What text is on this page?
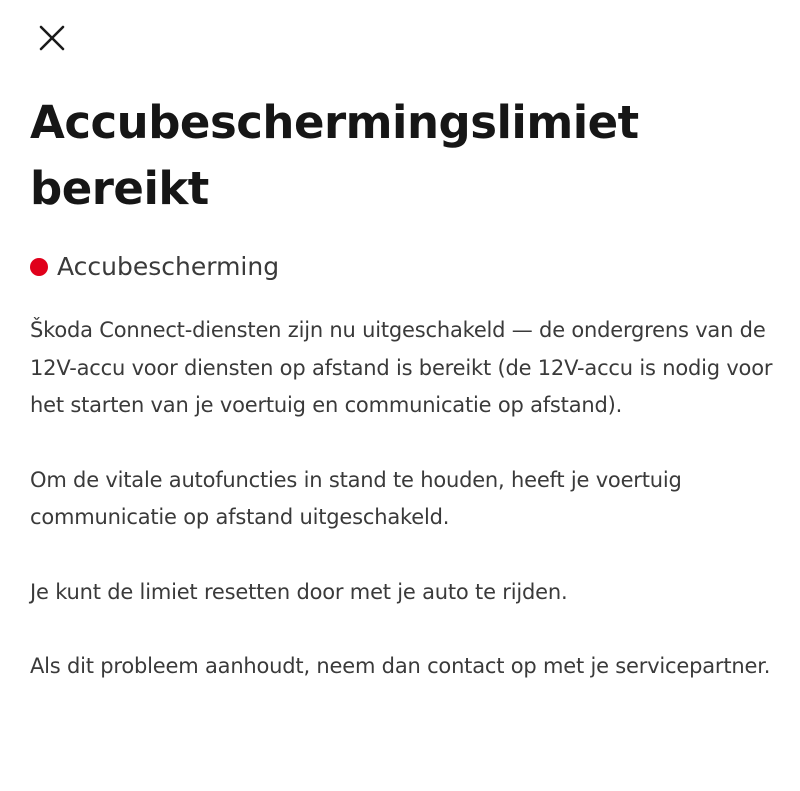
Accubeschermingslimiet bereikt
Accubescherming

Škoda Connect-diensten zijn nu uitgeschakeld — de ondergrens van de 12V-accu voor diensten op afstand is bereikt (de 12V-accu is nodig voor het starten van je voertuig en communicatie op afstand).

Om de vitale autofuncties in stand te houden, heeft je voertuig communicatie op afstand uitgeschakeld.

Je kunt de limiet resetten door met je auto te rijden.

Als dit probleem aanhoudt, neem dan contact op met je servicepartner.
